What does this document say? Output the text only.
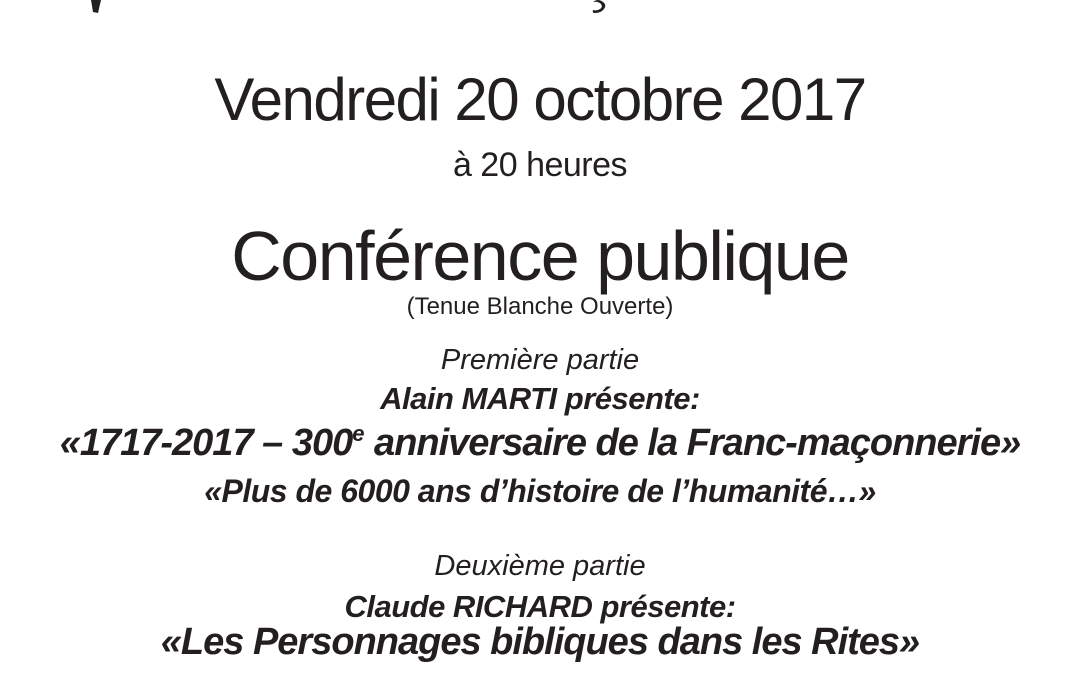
Vendredi 20 octobre 2017
à 20 heures
Conférence publique
(Tenue Blanche Ouverte)
Première partie
Alain MARTI présente:
«1717-2017 – 300e anniversaire de la Franc-maçonnerie»
«Plus de 6000 ans d’histoire de l’humanité…»
Deuxième partie
Claude RICHARD présente:
«Les Personnages bibliques dans les Rites»
